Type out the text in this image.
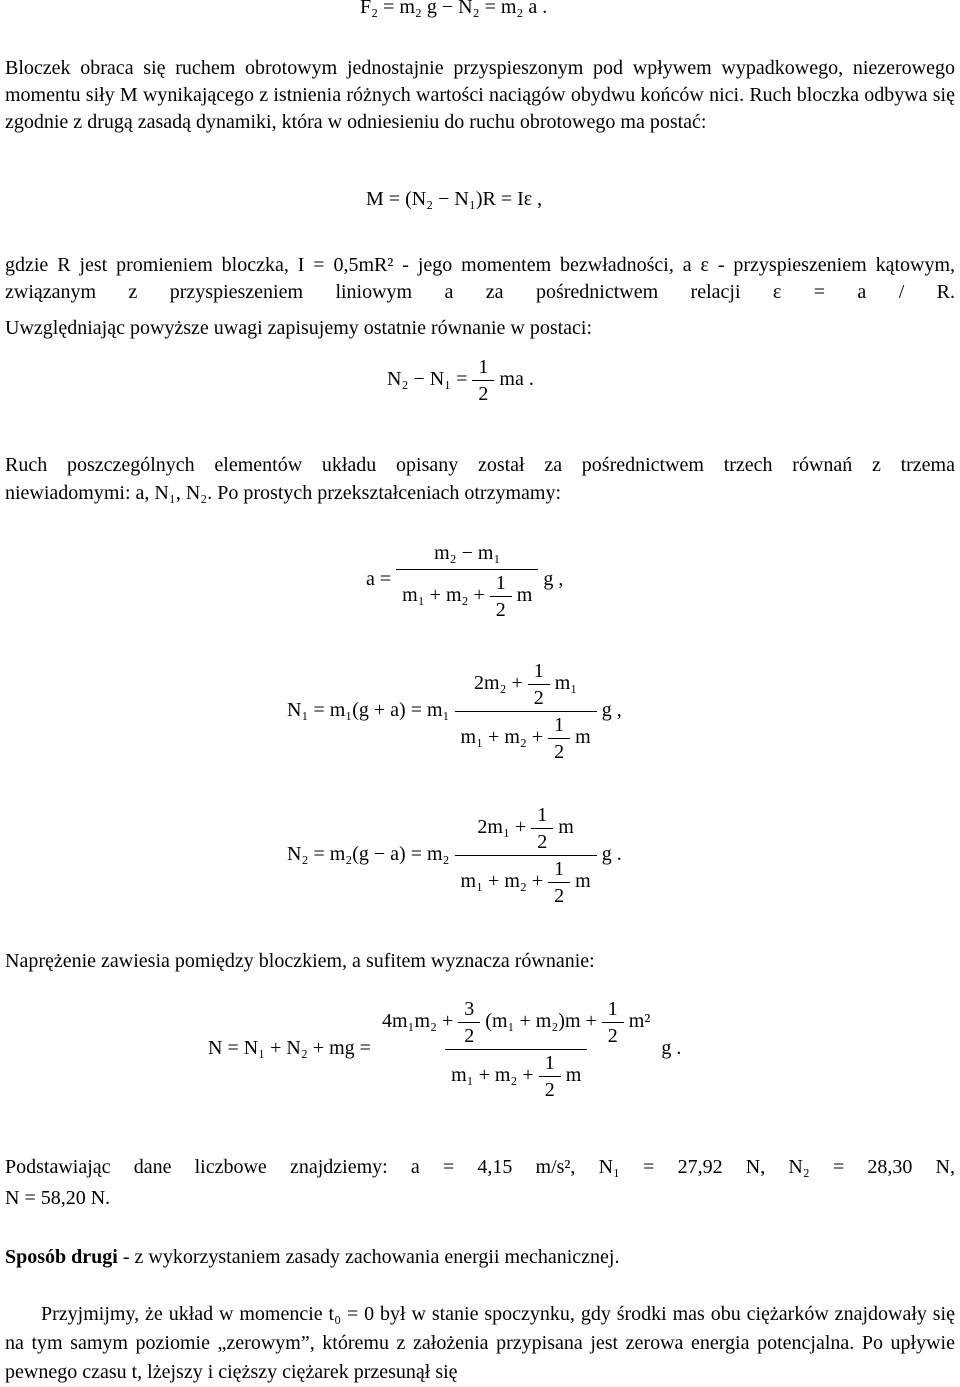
F₂ = m₂ g − N₂ = m₂ a .

Bloczek obraca się ruchem obrotowym jednostajnie przyspieszonym pod wpływem wypadkowego, niezerowego momentu siły M wynikającego z istnienia różnych wartości naciągów obydwu końców nici. Ruch bloczka odbywa się zgodnie z drugą zasadą dynamiki, która w odniesieniu do ruchu obrotowego ma postać:

M = (N₂ − N₁)R = Iε ,

gdzie R jest promieniem bloczka, I = 0,5mR² - jego momentem bezwładności, a ε - przyspieszeniem kątowym, związanym z przyspieszeniem liniowym a za pośrednictwem relacji ε = a / R.

Uwzględniając powyższe uwagi zapisujemy ostatnie równanie w postaci:

$N_2 - N_1 = \frac{1}{2}$ ma .

Ruch poszczególnych elementów układu opisany został za pośrednictwem trzech równań z trzema

niewiadomymi: a, N₁, N₂. Po prostych przekształceniach otrzymamy:

$a = \frac{\text{m₂ − m₁}}{m_1 + m_2 + \frac{1}{2} m}$ g ,
$N_1 = m_1(g + a) = m_1 \frac{2m_2 + \frac{1}{2} m_1}{m_1 + m_2 + \frac{1}{2} m}$ g ,
$N_2 = m_2(g - a) = m_2 \frac{2m_1 + \frac{1}{2} m}{m_1 + m_2 + \frac{1}{2} m}$ g .

Naprężenie zawiesia pomiędzy bloczkiem, a sufitem wyznacza równanie:

N = N₁ + N₂ + mg =
$4m_1m_2 + \frac{3}{2} (m_1 + m_2)m + \frac{1}{2} m^2$
$m_1 + m_2 + \frac{1}{2}$ m
g .

Podstawiając dane liczbowe znajdziemy: a = 4,15 m/s², N₁ = 27,92 N, N₂ = 28,30 N,

N = 58,20 N.

Sposób drugi - z wykorzystaniem zasady zachowania energii mechanicznej.

Przyjmijmy, że układ w momencie t₀ = 0 był w stanie spoczynku, gdy środki mas obu ciężarków znajdowały się na tym samym poziomie „zerowym”, któremu z założenia przypisana jest zerowa energia potencjalna. Po upływie pewnego czasu t, lżejszy i cięższy ciężarek przesunął się
